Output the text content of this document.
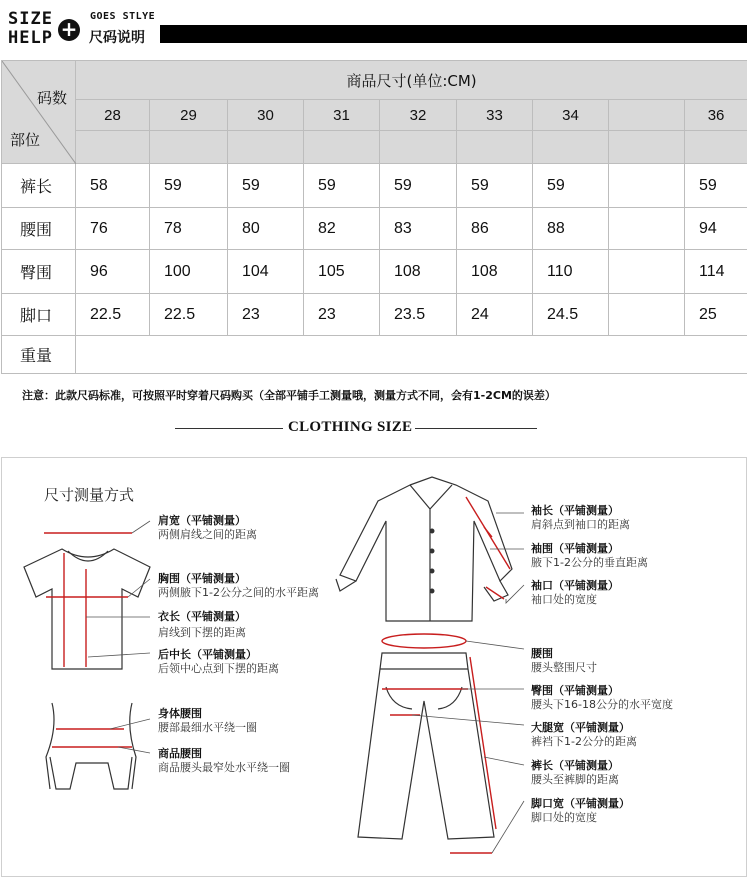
SIZE
HELP +
GOES STLYE
尺码说明
码数
部位	商品尺寸(单位:CM)								
	28	29	30	31	32	33	34		36

裤长	58	59	59	59	59	59	59		59
腰围	76	78	80	82	83	86	88		94
臀围	96	100	104	105	108	108	110		114
脚口	22.5	22.5	23	23	23.5	24	24.5		25
重量									
注意：此款尺码标准，可按照平时穿着尺码购买（全部平铺手工测量哦，测量方式不同，会有1-2CM的误差）
CLOTHING SIZE
尺寸测量方式
肩宽（平铺测量）
两侧肩线之间的距离
胸围（平铺测量）
两侧腋下1-2公分之间的水平距离
衣长（平铺测量）
肩线到下摆的距离
后中长（平铺测量）
后领中心点到下摆的距离
身体腰围
腰部最细水平绕一圈
商品腰围
商品腰头最窄处水平绕一圈
袖长（平铺测量）
肩斜点到袖口的距离
袖围（平铺测量）
腋下1-2公分的垂直距离
袖口（平铺测量）
袖口处的宽度
腰围
腰头整围尺寸
臀围（平铺测量）
腰头下16-18公分的水平宽度
大腿宽（平铺测量）
裤裆下1-2公分的距离
裤长（平铺测量）
腰头至裤脚的距离
脚口宽（平铺测量）
脚口处的宽度
